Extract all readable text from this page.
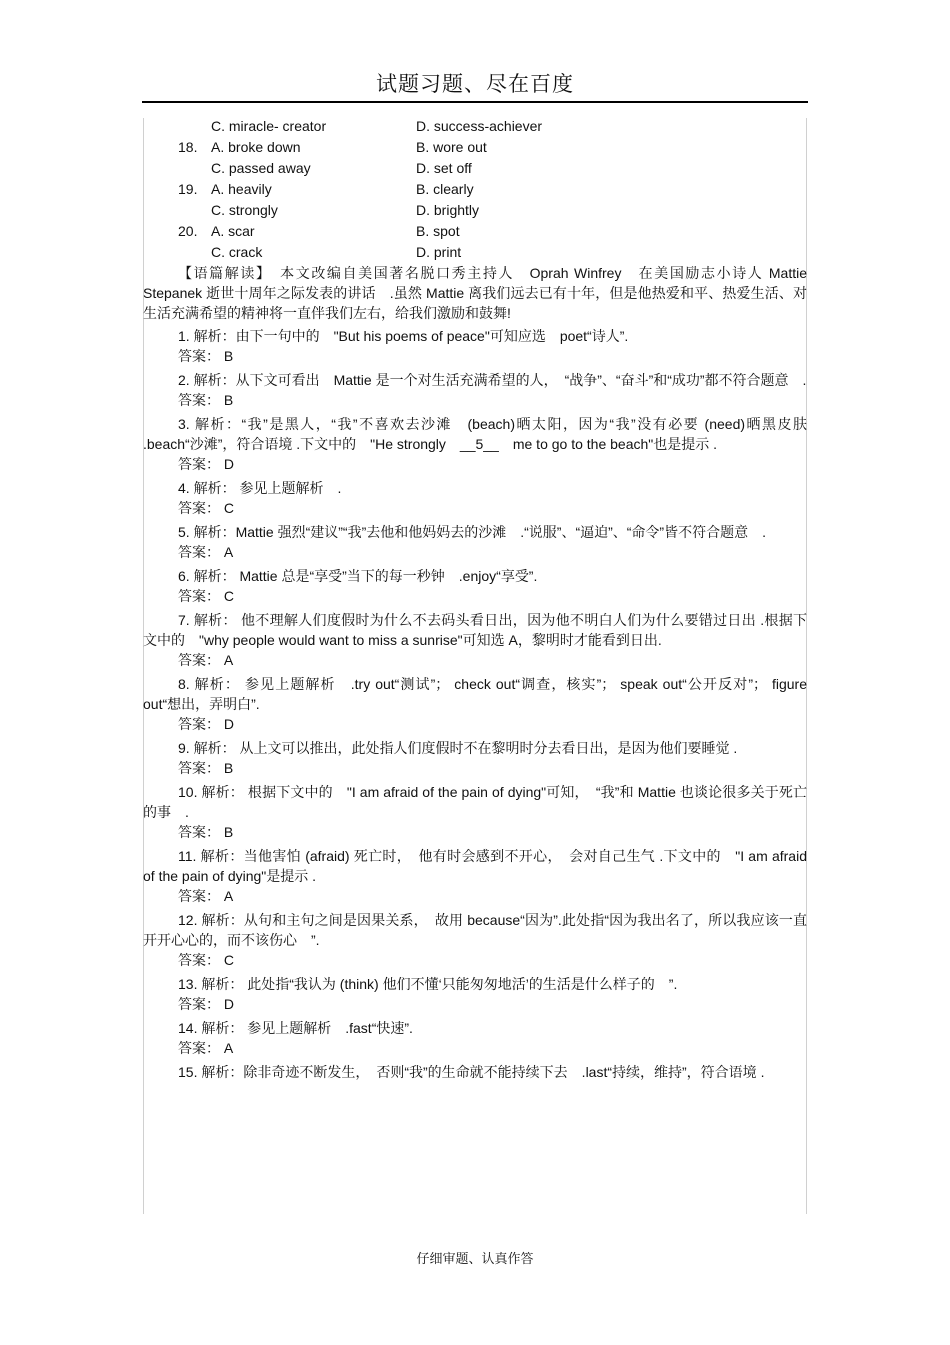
试题习题、尽在百度
C. miracle- creator	D. success-achiever
18. A. broke down	B. wore out
C. passed away	D. set off
19. A. heavily	B. clearly
C. strongly	D. brightly
20. A. scar	B. spot
C. crack	D. print

【语篇解读】　本文改编自美国著名脱口秀主持人　Oprah Winfrey　在美国励志小诗人 Mattie Stepanek 逝世十周年之际发表的讲话　.虽然 Mattie 离我们远去已有十年，但是他热爱和平、热爱生活、对生活充满希望的精神将一直伴我们左右，给我们激励和鼓舞!

1. 解析：由下一句中的　"But his poems of peace"可知应选　poet“诗人”.

答案： B

2. 解析：从下文可看出　Mattie 是一个对生活充满希望的人，　“战争”、“奋斗”和“成功”都不符合题意　.

答案： B

3. 解析：“我”是黑人，“我”不喜欢去沙滩　(beach)晒太阳，因为“我”没有必要 (need)晒黑皮肤 .beach“沙滩”，符合语境 .下文中的　"He strongly　__5__　me to go to the beach"也是提示 .

答案： D

4. 解析： 参见上题解析　.

答案： C

5. 解析：Mattie 强烈“建议”“我”去他和他妈妈去的沙滩　.“说服”、“逼迫”、“命令”皆不符合题意　.

答案： A

6. 解析： Mattie 总是“享受”当下的每一秒钟　.enjoy“享受”.

答案： C

7. 解析： 他不理解人们度假时为什么不去码头看日出，因为他不明白人们为什么要错过日出 .根据下文中的　"why people would want to miss a sunrise"可知选 A，黎明时才能看到日出.

答案： A

8. 解析： 参见上题解析　.try out“测试”； check out“调查，核实”； speak out“公开反对”； figure out“想出，弄明白”.

答案： D

9. 解析： 从上文可以推出，此处指人们度假时不在黎明时分去看日出，是因为他们要睡觉 .

答案： B

10. 解析： 根据下文中的　"I am afraid of the pain of dying"可知，　“我”和 Mattie 也谈论很多关于死亡的事　.

答案： B

11. 解析：当他害怕 (afraid) 死亡时，　他有时会感到不开心，　会对自己生气 .下文中的　"I am afraid of the pain of dying"是提示 .

答案： A

12. 解析：从句和主句之间是因果关系，　故用 because“因为”.此处指“因为我出名了，所以我应该一直开开心心的，而不该伤心　”.

答案： C

13. 解析： 此处指“我认为 (think) 他们不懂‘只能匆匆地活’的生活是什么样子的　”.

答案： D

14. 解析： 参见上题解析　.fast“快速”.

答案： A

15. 解析：除非奇迹不断发生，　否则“我”的生命就不能持续下去　.last“持续，维持”，符合语境 .

仔细审题、认真作答
